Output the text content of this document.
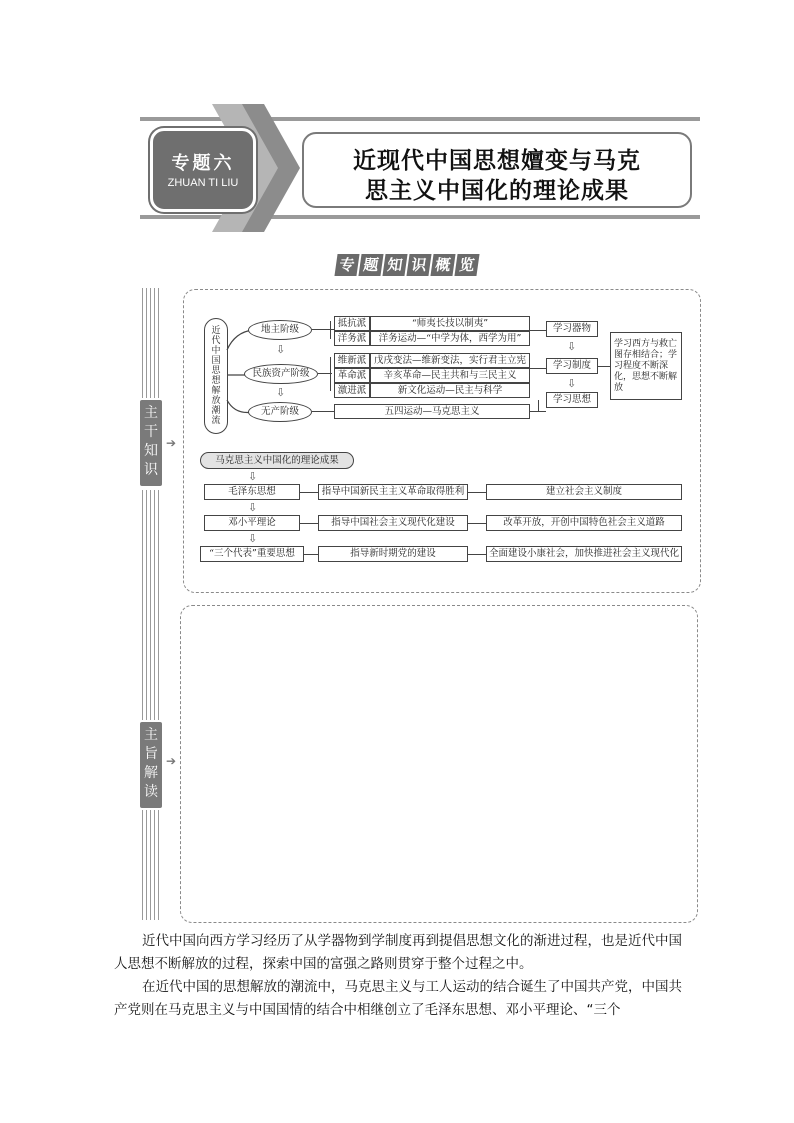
专题六
ZHUAN TI LIU
近现代中国思想嬗变与马克
思主义中国化的理论成果
专 题 知 识 概 览
主干知识
➔
主旨解读
➔
近代中国思想解放潮流
地主阶级
⇩
民族资产阶级
⇩
无产阶级
抵抗派	“师夷长技以制夷”
洋务派	洋务运动—“中学为体，西学为用”
维新派 戊戌变法—维新变法，实行君主立宪
革命派	辛亥革命—民主共和与三民主义
激进派	新文化运动—民主与科学
五四运动—马克思主义
学习器物
⇩
学习制度
⇩
学习思想
学习西方与救亡图存相结合；学习程度不断深化，思想不断解放
马克思主义中国化的理论成果
⇩
毛泽东思想	指导中国新民主主义革命取得胜利	建立社会主义制度
⇩
邓小平理论	指导中国社会主义现代化建设	改革开放，开创中国特色社会主义道路
⇩
“三个代表”重要思想	指导新时期党的建设	全面建设小康社会，加快推进社会主义现代化
近代中国向西方学习经历了从学器物到学制度再到提倡思想文化的渐进过程，也是近代中国人思想不断解放的过程，探索中国的富强之路则贯穿于整个过程之中。
在近代中国的思想解放的潮流中，马克思主义与工人运动的结合诞生了中国共产党，中国共产党则在马克思主义与中国国情的结合中相继创立了毛泽东思想、邓小平理论、“三个
